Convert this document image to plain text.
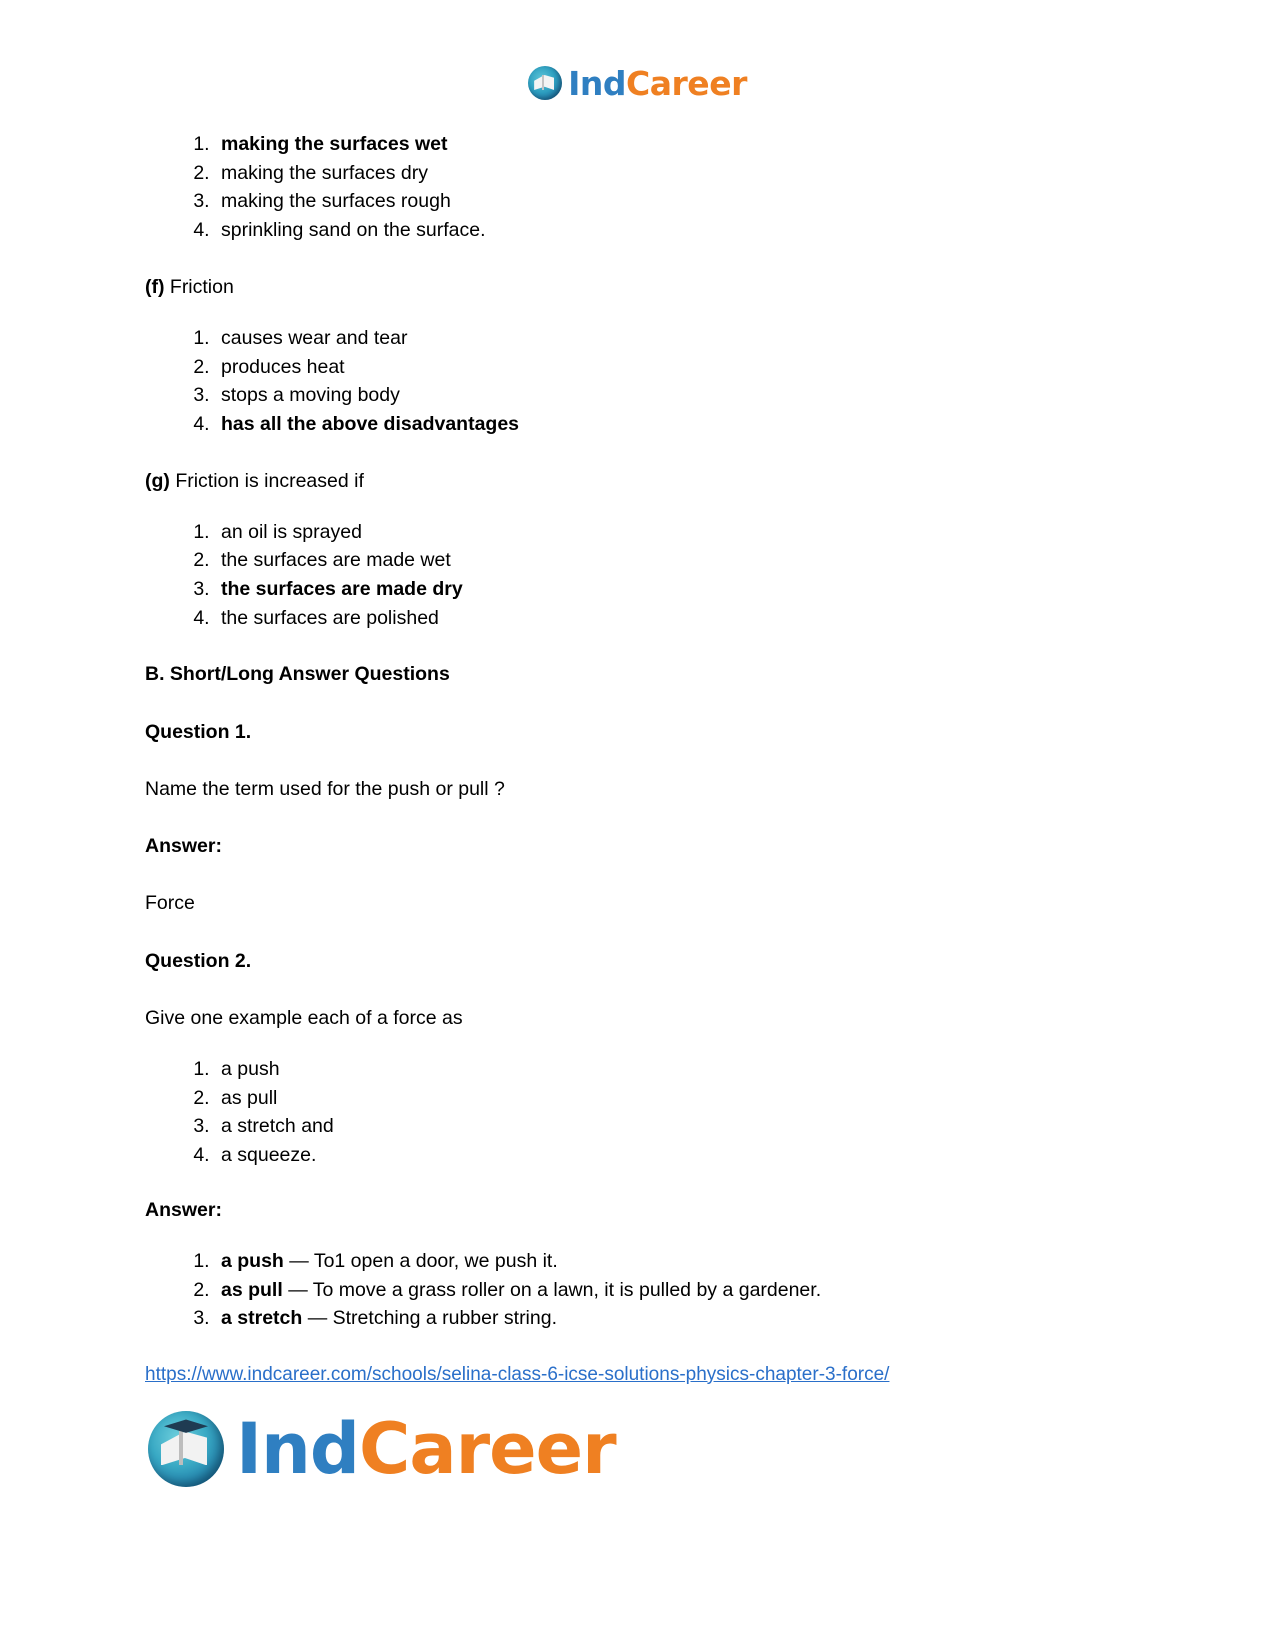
IndCareer
1. making the surfaces wet
2. making the surfaces dry
3. making the surfaces rough
4. sprinkling sand on the surface.

(f) Friction

1. causes wear and tear
2. produces heat
3. stops a moving body
4. has all the above disadvantages

(g) Friction is increased if

1. an oil is sprayed
2. the surfaces are made wet
3. the surfaces are made dry
4. the surfaces are polished
B. Short/Long Answer Questions
Question 1.

Name the term used for the push or pull ?

Answer:

Force

Question 2.

Give one example each of a force as

1. a push
2. as pull
3. a stretch and
4. a squeeze.
Answer:
1. a push — To1 open a door, we push it.
2. as pull — To move a grass roller on a lawn, it is pulled by a gardener.
3. a stretch — Stretching a rubber string.

https://www.indcareer.com/schools/selina-class-6-icse-solutions-physics-chapter-3-force/

IndCareer
